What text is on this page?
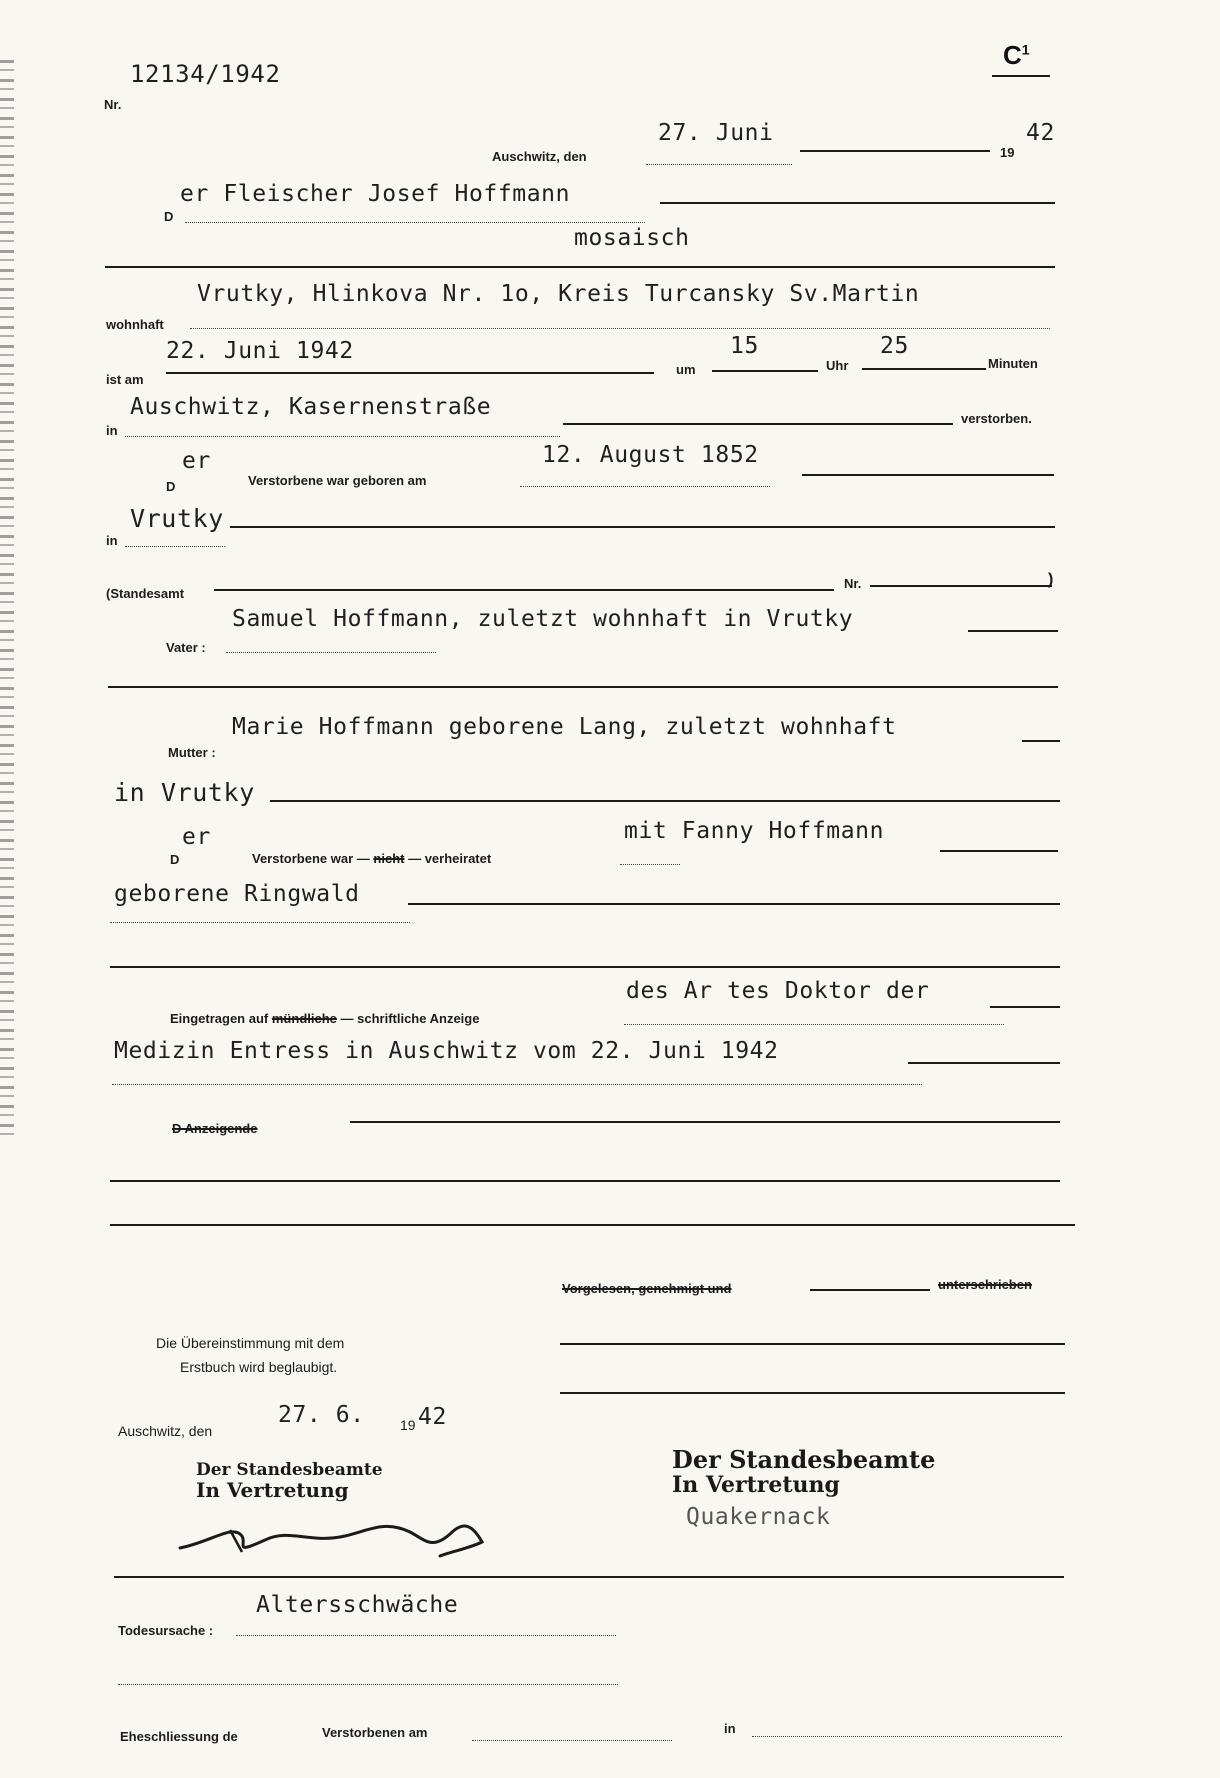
12134/1942
Nr.
$C^1$
Auschwitz, den
27. Juni
19
42
er Fleischer Josef Hoffmann
D
mosaisch
Vrutky, Hlinkova Nr. 1o, Kreis Turcansky Sv.Martin
wohnhaft
22. Juni 1942
ist am
um
15
Uhr
25
Minuten
Auschwitz, Kasernenstraße
in
verstorben.
er
D	Verstorbene war geboren am
12. August 1852
Vrutky
in
(Standesamt
Nr.	)
Samuel Hoffmann, zuletzt wohnhaft in Vrutky
Vater :
Marie Hoffmann geborene Lang, zuletzt wohnhaft
Mutter :
in Vrutky
er
D	Verstorbene war — nicht — verheiratet
mit Fanny Hoffmann
geborene Ringwald
des Ar tes Doktor der
Eingetragen auf mündliche — schriftliche Anzeige
Medizin Entress in Auschwitz vom 22. Juni 1942
D Anzeigende
Vorgelesen, genehmigt und	unterschrieben
Die Übereinstimmung mit dem
Erstbuch wird beglaubigt.
Auschwitz, den
27. 6.	19 42
Der Standesbeamte
In Vertretung
Der Standesbeamte
In Vertretung
Quakernack
Altersschwäche
Todesursache :
Eheschliessung de	Verstorbenen am	in
